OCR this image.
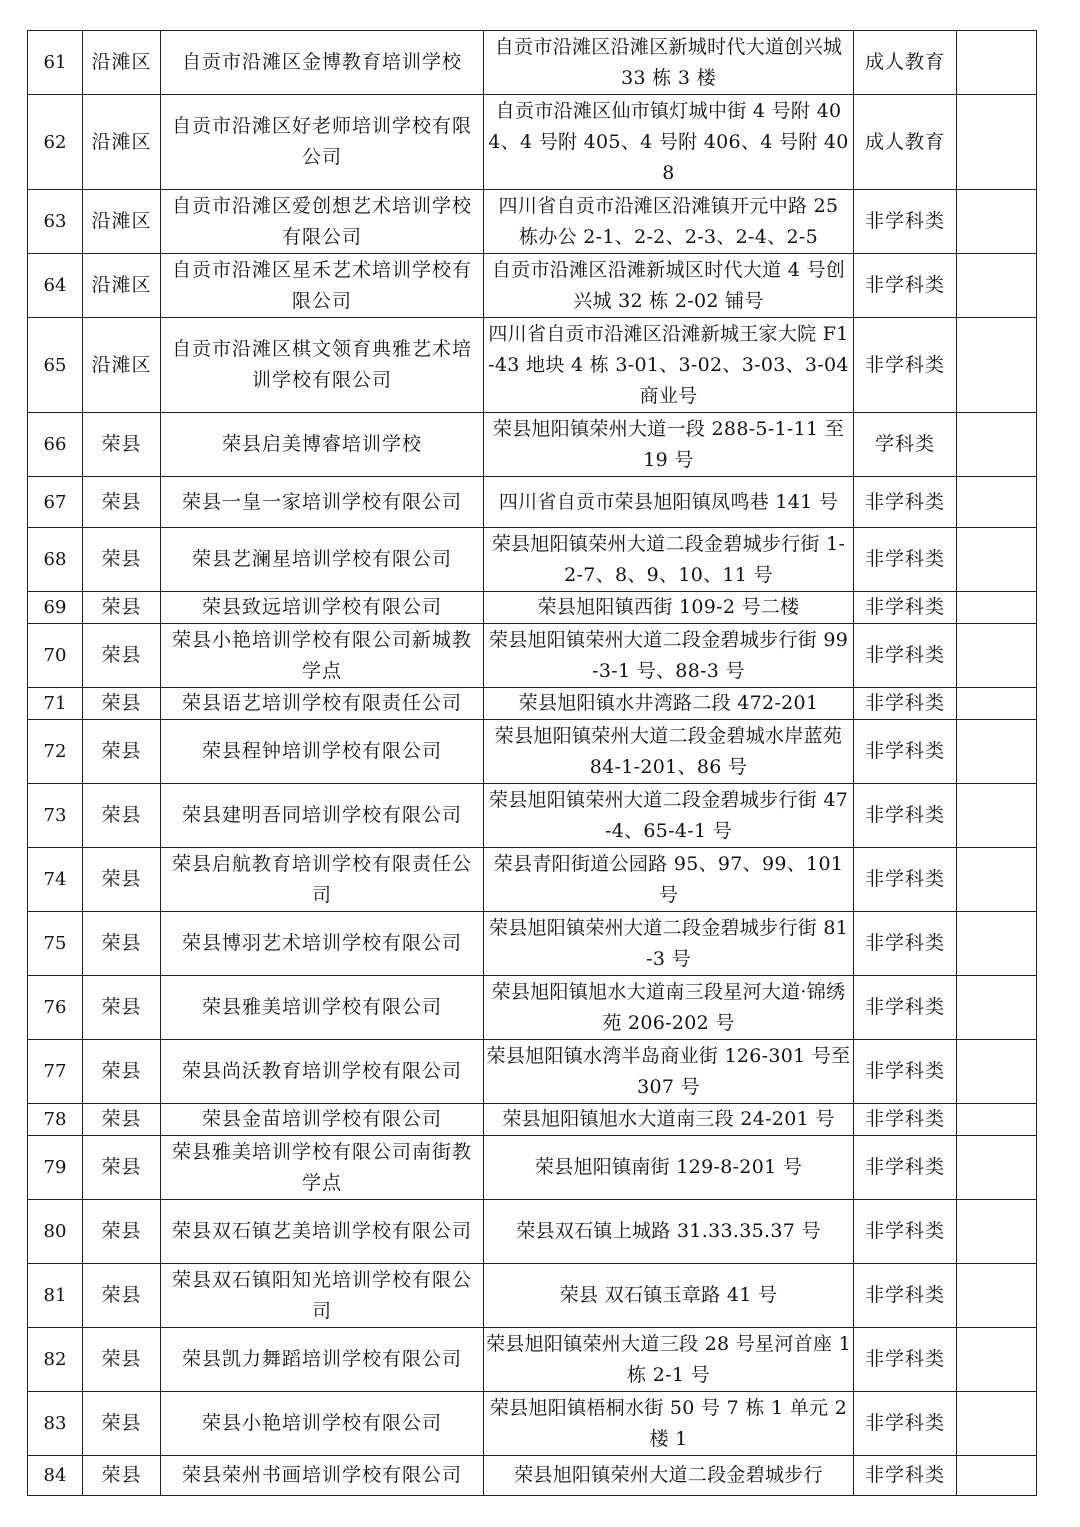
61	沿滩区	自贡市沿滩区金博教育培训学校	自贡市沿滩区沿滩区新城时代大道创兴城 33 栋 3 楼	成人教育	
62	沿滩区	自贡市沿滩区好老师培训学校有限公司	自贡市沿滩区仙市镇灯城中街 4 号附 404、4 号附 405、4 号附 406、4 号附 408	成人教育	
63	沿滩区	自贡市沿滩区爱创想艺术培训学校有限公司	四川省自贡市沿滩区沿滩镇开元中路 25 栋办公 2-1、2-2、2-3、2-4、2-5	非学科类	
64	沿滩区	自贡市沿滩区星禾艺术培训学校有限公司	自贡市沿滩区沿滩新城区时代大道 4 号创兴城 32 栋 2-02 铺号	非学科类	
65	沿滩区	自贡市沿滩区棋文领育典雅艺术培训学校有限公司	四川省自贡市沿滩区沿滩新城王家大院 F1-43 地块 4 栋 3-01、3-02、3-03、3-04 商业号	非学科类	
66	荣县	荣县启美博睿培训学校	荣县旭阳镇荣州大道一段 288-5-1-11 至 19 号	学科类	
67	荣县	荣县一皇一家培训学校有限公司	四川省自贡市荣县旭阳镇凤鸣巷 141 号	非学科类	
68	荣县	荣县艺澜星培训学校有限公司	荣县旭阳镇荣州大道二段金碧城步行街 1-2-7、8、9、10、11 号	非学科类	
69	荣县	荣县致远培训学校有限公司	荣县旭阳镇西街 109-2 号二楼	非学科类	
70	荣县	荣县小艳培训学校有限公司新城教学点	荣县旭阳镇荣州大道二段金碧城步行街 99-3-1 号、88-3 号	非学科类	
71	荣县	荣县语艺培训学校有限责任公司	荣县旭阳镇水井湾路二段 472-201	非学科类	
72	荣县	荣县程钟培训学校有限公司	荣县旭阳镇荣州大道二段金碧城水岸蓝苑 84-1-201、86 号	非学科类	
73	荣县	荣县建明吾同培训学校有限公司	荣县旭阳镇荣州大道二段金碧城步行街 47-4、65-4-1 号	非学科类	
74	荣县	荣县启航教育培训学校有限责任公司	荣县青阳街道公园路 95、97、99、101 号	非学科类	
75	荣县	荣县博羽艺术培训学校有限公司	荣县旭阳镇荣州大道二段金碧城步行街 81-3 号	非学科类	
76	荣县	荣县雅美培训学校有限公司	荣县旭阳镇旭水大道南三段星河大道·锦绣苑 206-202 号	非学科类	
77	荣县	荣县尚沃教育培训学校有限公司	荣县旭阳镇水湾半岛商业街 126-301 号至 307 号	非学科类	
78	荣县	荣县金苗培训学校有限公司	荣县旭阳镇旭水大道南三段 24-201 号	非学科类	
79	荣县	荣县雅美培训学校有限公司南街教学点	荣县旭阳镇南街 129-8-201 号	非学科类	
80	荣县	荣县双石镇艺美培训学校有限公司	荣县双石镇上城路 31.33.35.37 号	非学科类	
81	荣县	荣县双石镇阳知光培训学校有限公司	荣县 双石镇玉章路 41 号	非学科类	
82	荣县	荣县凯力舞蹈培训学校有限公司	荣县旭阳镇荣州大道三段 28 号星河首座 1 栋 2-1 号	非学科类	
83	荣县	荣县小艳培训学校有限公司	荣县旭阳镇梧桐水街 50 号 7 栋 1 单元 2 楼 1	非学科类	
84	荣县	荣县荣州书画培训学校有限公司	荣县旭阳镇荣州大道二段金碧城步行	非学科类	
